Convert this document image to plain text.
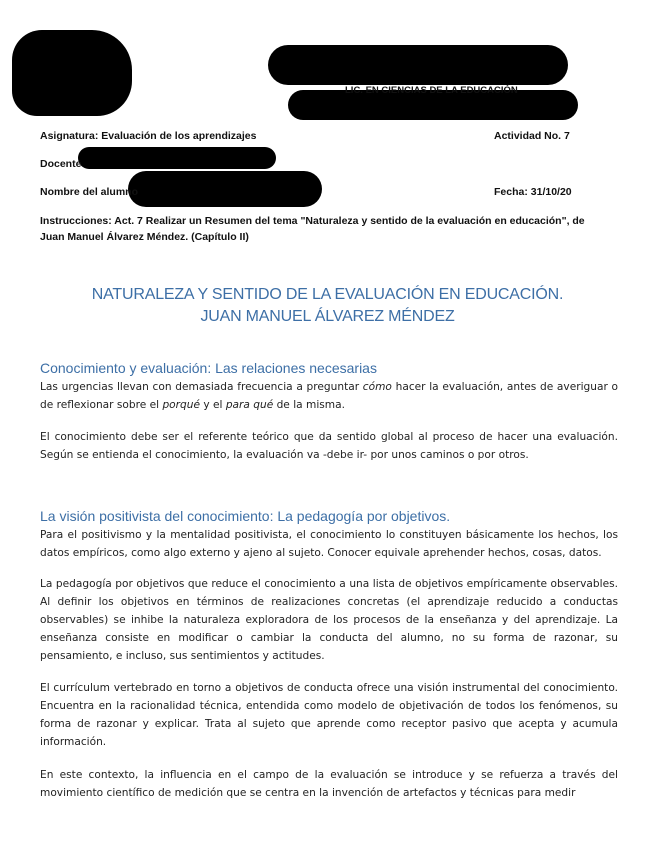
LIC. EN CIENCIAS DE LA EDUCACIÓN
Asignatura: Evaluación de los aprendizajes	Actividad No. 7
Docente
Nombre del alumno	Fecha: 31/10/20
Instrucciones: Act. 7 Realizar un Resumen del tema "Naturaleza y sentido de la evaluación en educación", de Juan Manuel Álvarez Méndez. (Capítulo II)
NATURALEZA Y SENTIDO DE LA EVALUACIÓN EN EDUCACIÓN.
JUAN MANUEL ÁLVAREZ MÉNDEZ
Conocimiento y evaluación: Las relaciones necesarias

Las urgencias llevan con demasiada frecuencia a preguntar cómo hacer la evaluación, antes de averiguar o de reflexionar sobre el porqué y el para qué de la misma.

El conocimiento debe ser el referente teórico que da sentido global al proceso de hacer una evaluación. Según se entienda el conocimiento, la evaluación va -debe ir- por unos caminos o por otros.

La visión positivista del conocimiento: La pedagogía por objetivos.

Para el positivismo y la mentalidad positivista, el conocimiento lo constituyen básicamente los hechos, los datos empíricos, como algo externo y ajeno al sujeto. Conocer equivale aprehender hechos, cosas, datos.

La pedagogía por objetivos que reduce el conocimiento a una lista de objetivos empíricamente observables. Al definir los objetivos en términos de realizaciones concretas (el aprendizaje reducido a conductas observables) se inhibe la naturaleza exploradora de los procesos de la enseñanza y del aprendizaje. La enseñanza consiste en modificar o cambiar la conducta del alumno, no su forma de razonar, su pensamiento, e incluso, sus sentimientos y actitudes.

El currículum vertebrado en torno a objetivos de conducta ofrece una visión instrumental del conocimiento. Encuentra en la racionalidad técnica, entendida como modelo de objetivación de todos los fenómenos, su forma de razonar y explicar. Trata al sujeto que aprende como receptor pasivo que acepta y acumula información.

En este contexto, la influencia en el campo de la evaluación se introduce y se refuerza a través del movimiento científico de medición que se centra en la invención de artefactos y técnicas para medir
